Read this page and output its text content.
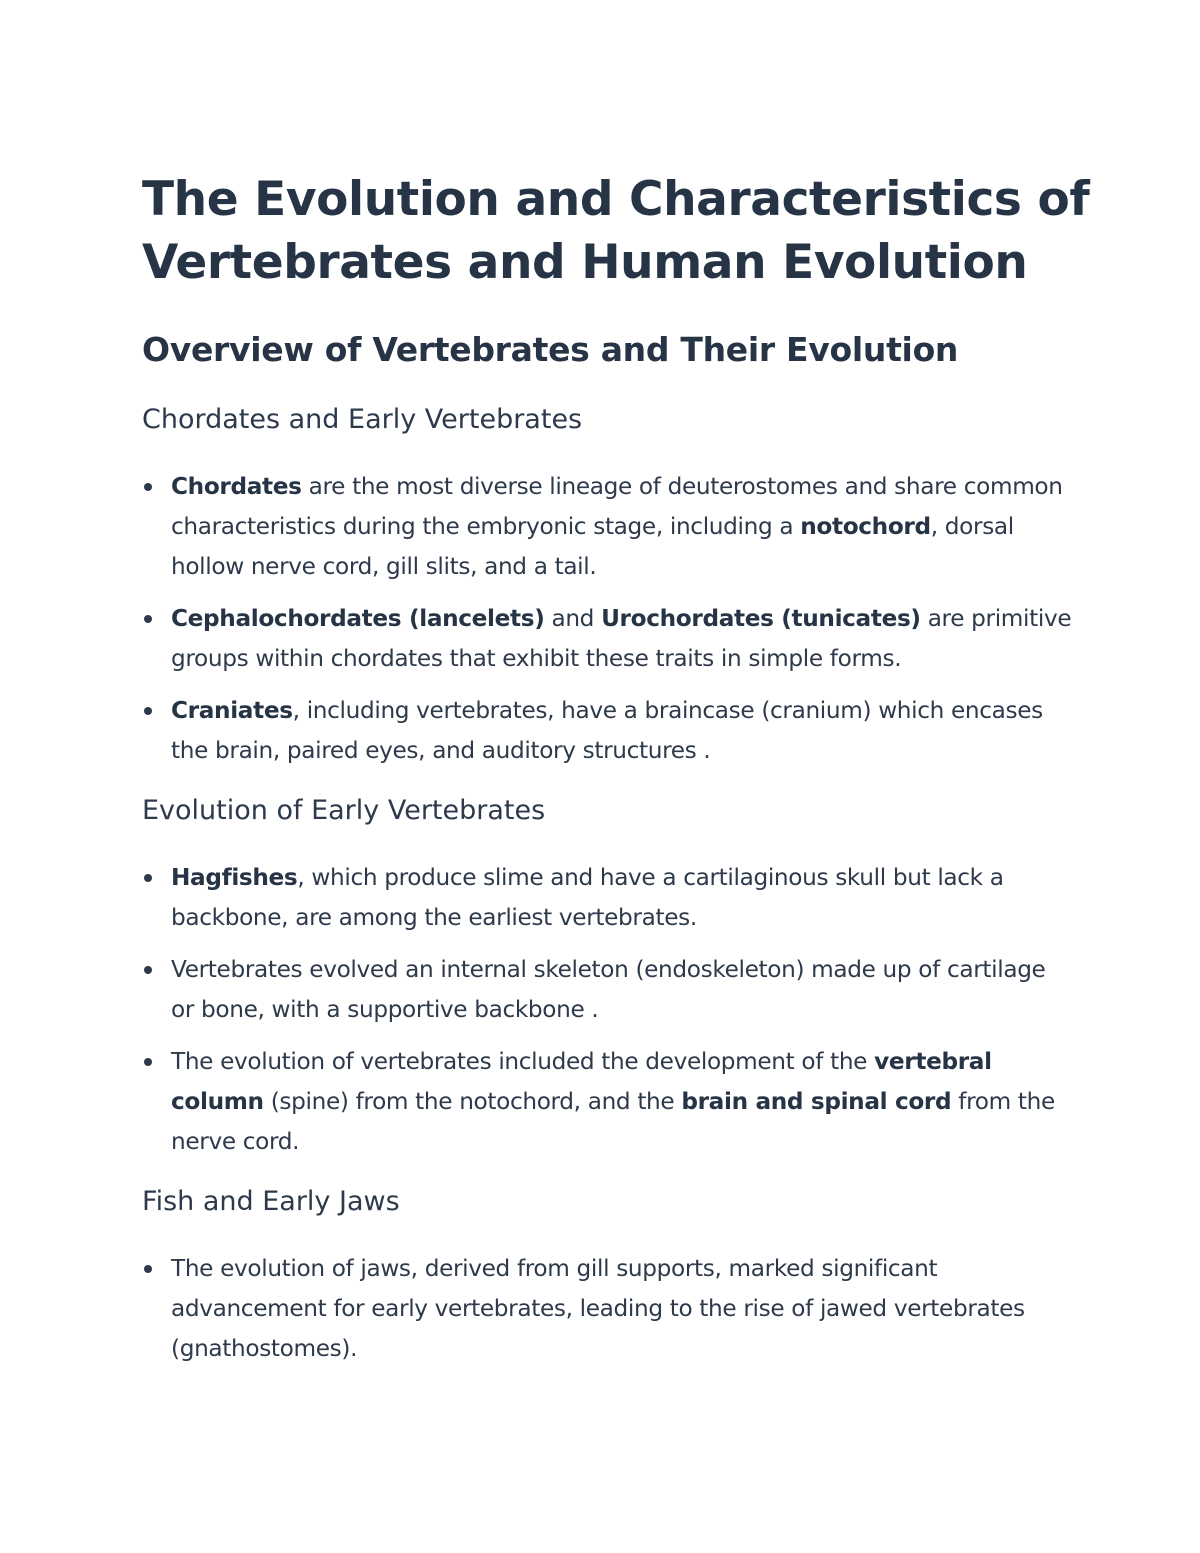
The Evolution and Characteristics of
Vertebrates and Human Evolution
Overview of Vertebrates and Their Evolution
Chordates and Early Vertebrates
Chordates are the most diverse lineage of deuterostomes and share common characteristics during the embryonic stage, including a notochord, dorsal hollow nerve cord, gill slits, and a tail.
Cephalochordates (lancelets) and Urochordates (tunicates) are primitive groups within chordates that exhibit these traits in simple forms.
Craniates, including vertebrates, have a braincase (cranium) which encases the brain, paired eyes, and auditory structures .
Evolution of Early Vertebrates
Hagfishes, which produce slime and have a cartilaginous skull but lack a backbone, are among the earliest vertebrates.
Vertebrates evolved an internal skeleton (endoskeleton) made up of cartilage or bone, with a supportive backbone .
The evolution of vertebrates included the development of the vertebral column (spine) from the notochord, and the brain and spinal cord from the nerve cord.
Fish and Early Jaws
The evolution of jaws, derived from gill supports, marked significant advancement for early vertebrates, leading to the rise of jawed vertebrates (gnathostomes).
